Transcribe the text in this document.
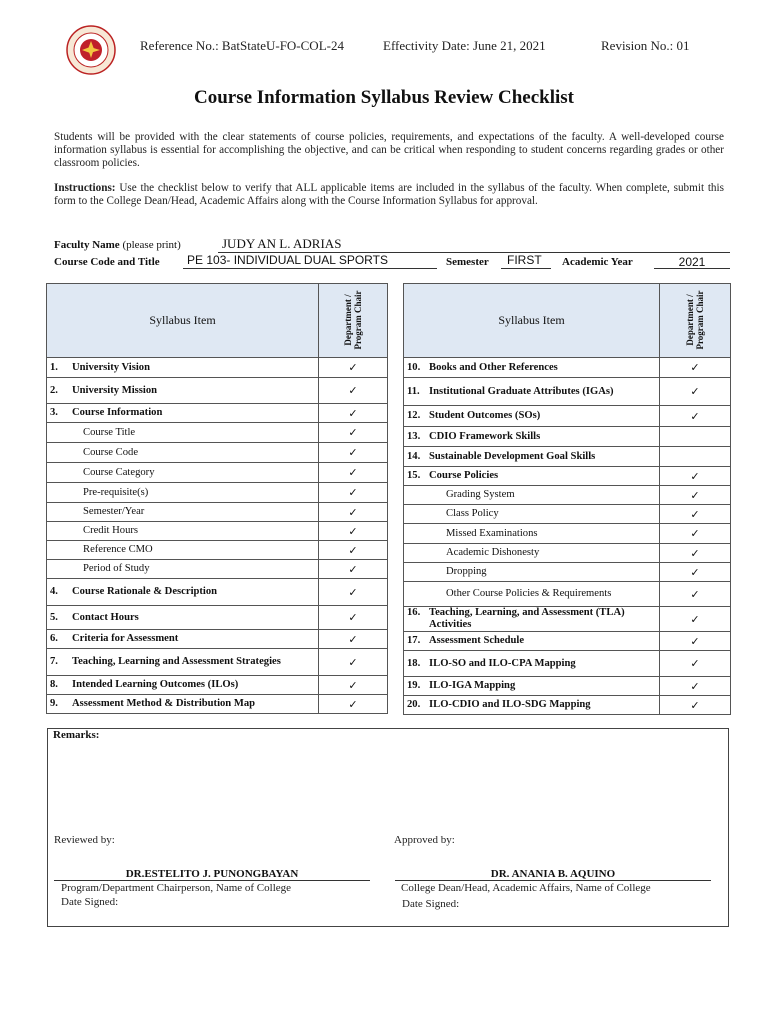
Reference No.: BatStateU-FO-COL-24	Effectivity Date: June 21, 2021	Revision No.: 01
Course Information Syllabus Review Checklist
Students will be provided with the clear statements of course policies, requirements, and expectations of the faculty. A well-developed course information syllabus is essential for accomplishing the objective, and can be critical when responding to student concerns regarding grades or other classroom policies.
Instructions: Use the checklist below to verify that ALL applicable items are included in the syllabus of the faculty. When complete, submit this form to the College Dean/Head, Academic Affairs along with the Course Information Syllabus for approval.
Faculty Name (please print)	JUDY AN L. ADRIAS
Course Code and Title PE 103- INDIVIDUAL DUAL SPORTS	Semester FIRST Academic Year	2021
Syllabus Item	Department / Program Chair
1. University Vision	✓
2. University Mission	✓
3. Course Information	✓
Course Title	✓
Course Code	✓
Course Category	✓
Pre-requisite(s)	✓
Semester/Year	✓
Credit Hours	✓
Reference CMO	✓
Period of Study	✓
4. Course Rationale & Description	✓
5. Contact Hours	✓
6. Criteria for Assessment	✓
7. Teaching, Learning and Assessment Strategies	✓
8. Intended Learning Outcomes (ILOs)	✓
9. Assessment Method & Distribution Map	✓
Syllabus Item	Department / Program Chair
10. Books and Other References	✓
11. Institutional Graduate Attributes (IGAs)	✓
12. Student Outcomes (SOs)	✓
13. CDIO Framework Skills	
14. Sustainable Development Goal Skills	
15. Course Policies	✓
Grading System	✓
Class Policy	✓
Missed Examinations	✓
Academic Dishonesty	✓
Dropping	✓
Other Course Policies & Requirements	✓
16. Teaching, Learning, and Assessment (TLA) Activities	✓
17. Assessment Schedule	✓
18. ILO-SO and ILO-CPA Mapping	✓
19. ILO-IGA Mapping	✓
20. ILO-CDIO and ILO-SDG Mapping	✓
Remarks:
Reviewed by:	Approved by:
DR.ESTELITO J. PUNONGBAYAN
Program/Department Chairperson, Name of College
Date Signed:
DR. ANANIA B. AQUINO
College Dean/Head, Academic Affairs, Name of College
Date Signed:
